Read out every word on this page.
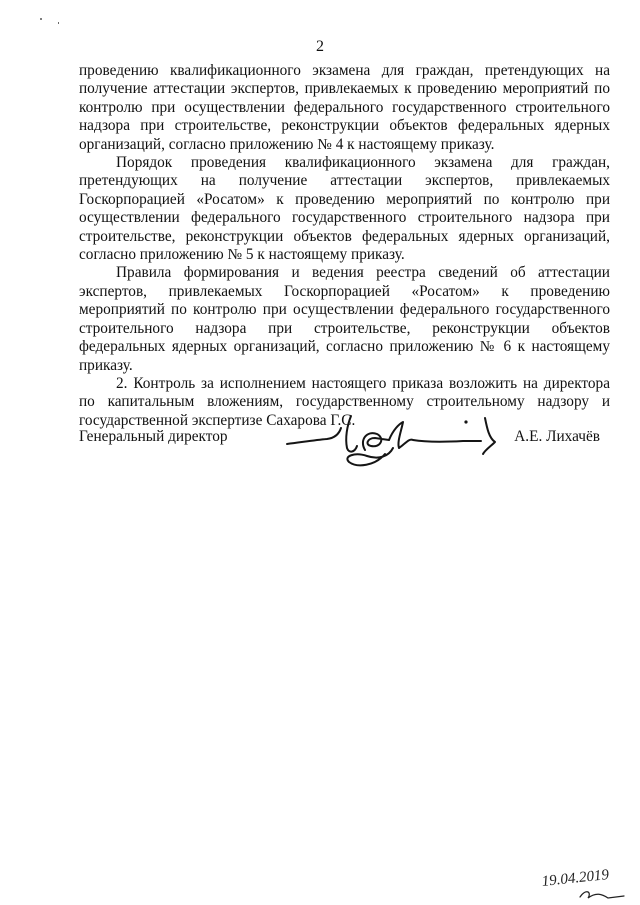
2

проведению квалификационного экзамена для граждан, претендующих на получение аттестации экспертов, привлекаемых к проведению мероприятий по контролю при осуществлении федерального государственного строительного надзора при строительстве, реконструкции объектов федеральных ядерных организаций, согласно приложению № 4 к настоящему приказу.

Порядок проведения квалификационного экзамена для граждан, претендующих на получение аттестации экспертов, привлекаемых Госкорпорацией «Росатом» к проведению мероприятий по контролю при осуществлении федерального государственного строительного надзора при строительстве, реконструкции объектов федеральных ядерных организаций, согласно приложению № 5 к настоящему приказу.

Правила формирования и ведения реестра сведений об аттестации экспертов, привлекаемых Госкорпорацией «Росатом» к проведению мероприятий по контролю при осуществлении федерального государственного строительного надзора при строительстве, реконструкции объектов федеральных ядерных организаций, согласно приложению № 6 к настоящему приказу.

2. Контроль за исполнением настоящего приказа возложить на директора по капитальным вложениям, государственному строительному надзору и государственной экспертизе Сахарова Г.С.

Генеральный директор	А.Е. Лихачёв
19.04.2019
